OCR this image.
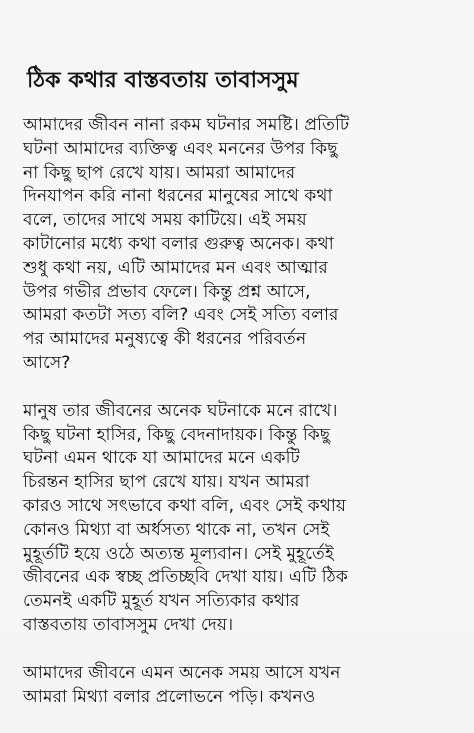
ঠিক কথার বাস্তবতায় তাবাসসুম
আমাদের জীবন নানা রকম ঘটনার সমষ্টি। প্রতিটি
ঘটনা আমাদের ব্যক্তিত্ব এবং মননের উপর কিছু
না কিছু ছাপ রেখে যায়। আমরা আমাদের
দিনযাপন করি নানা ধরনের মানুষের সাথে কথা
বলে, তাদের সাথে সময় কাটিয়ে। এই সময়
কাটানোর মধ্যে কথা বলার গুরুত্ব অনেক। কথা
শুধু কথা নয়, এটি আমাদের মন এবং আত্মার
উপর গভীর প্রভাব ফেলে। কিন্তু প্রশ্ন আসে,
আমরা কতটা সত্য বলি? এবং সেই সত্যি বলার
পর আমাদের মনুষ্যত্বে কী ধরনের পরিবর্তন
আসে?
মানুষ তার জীবনের অনেক ঘটনাকে মনে রাখে।
কিছু ঘটনা হাসির, কিছু বেদনাদায়ক। কিন্তু কিছু
ঘটনা এমন থাকে যা আমাদের মনে একটি
চিরন্তন হাসির ছাপ রেখে যায়। যখন আমরা
কারও সাথে সৎভাবে কথা বলি, এবং সেই কথায়
কোনও মিথ্যা বা অর্ধসত্য থাকে না, তখন সেই
মুহূর্তটি হয়ে ওঠে অত্যন্ত মূল্যবান। সেই মুহূর্তেই
জীবনের এক স্বচ্ছ প্রতিচ্ছবি দেখা যায়। এটি ঠিক
তেমনই একটি মুহূর্ত যখন সত্যিকার কথার
বাস্তবতায় তাবাসসুম দেখা দেয়।
আমাদের জীবনে এমন অনেক সময় আসে যখন
আমরা মিথ্যা বলার প্রলোভনে পড়ি। কখনও
